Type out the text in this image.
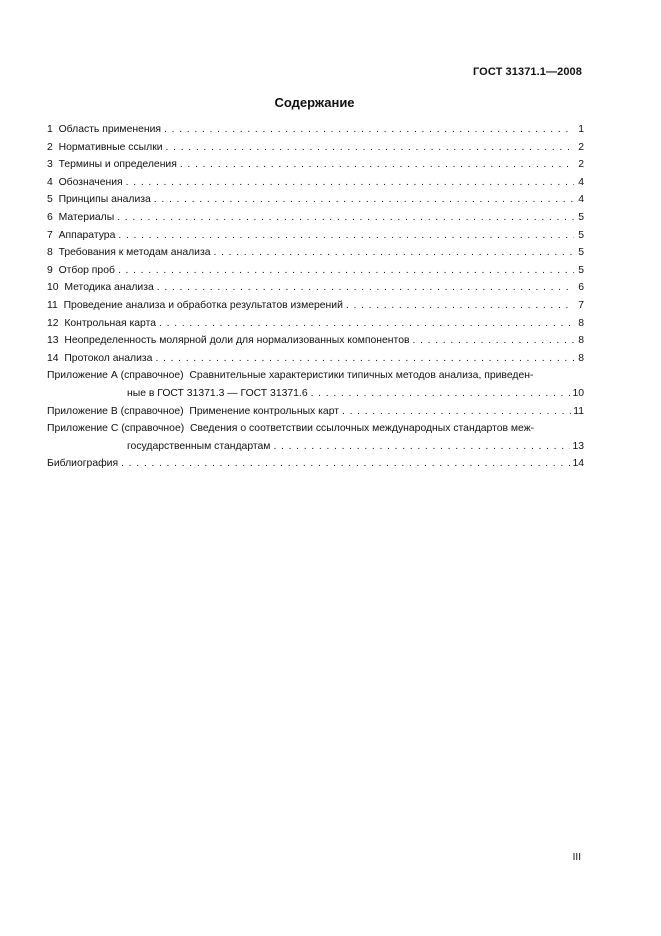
ГОСТ 31371.1—2008
Содержание
1 Область применения . . .	1
2 Нормативные ссылки . . .	2
3 Термины и определения . . .	2
4 Обозначения . . .	4
5 Принципы анализа . . .	4
6 Материалы . . .	5
7 Аппаратура . . .	5
8 Требования к методам анализа . . .	5
9 Отбор проб . . .	5
10 Методика анализа . . .	6
11 Проведение анализа и обработка результатов измерений . . .	7
12 Контрольная карта . . .	8
13 Неопределенность молярной доли для нормализованных компонентов . . .	8
14 Протокол анализа . . .	8
Приложение А (справочное) Сравнительные характеристики типичных методов анализа, приведен-
ные в ГОСТ 31371.3 — ГОСТ 31371.6 . . .	10
Приложение В (справочное) Применение контрольных карт . . .	11
Приложение С (справочное) Сведения о соответствии ссылочных международных стандартов меж-
государственным стандартам . . .	13
Библиография . . .	14
III
